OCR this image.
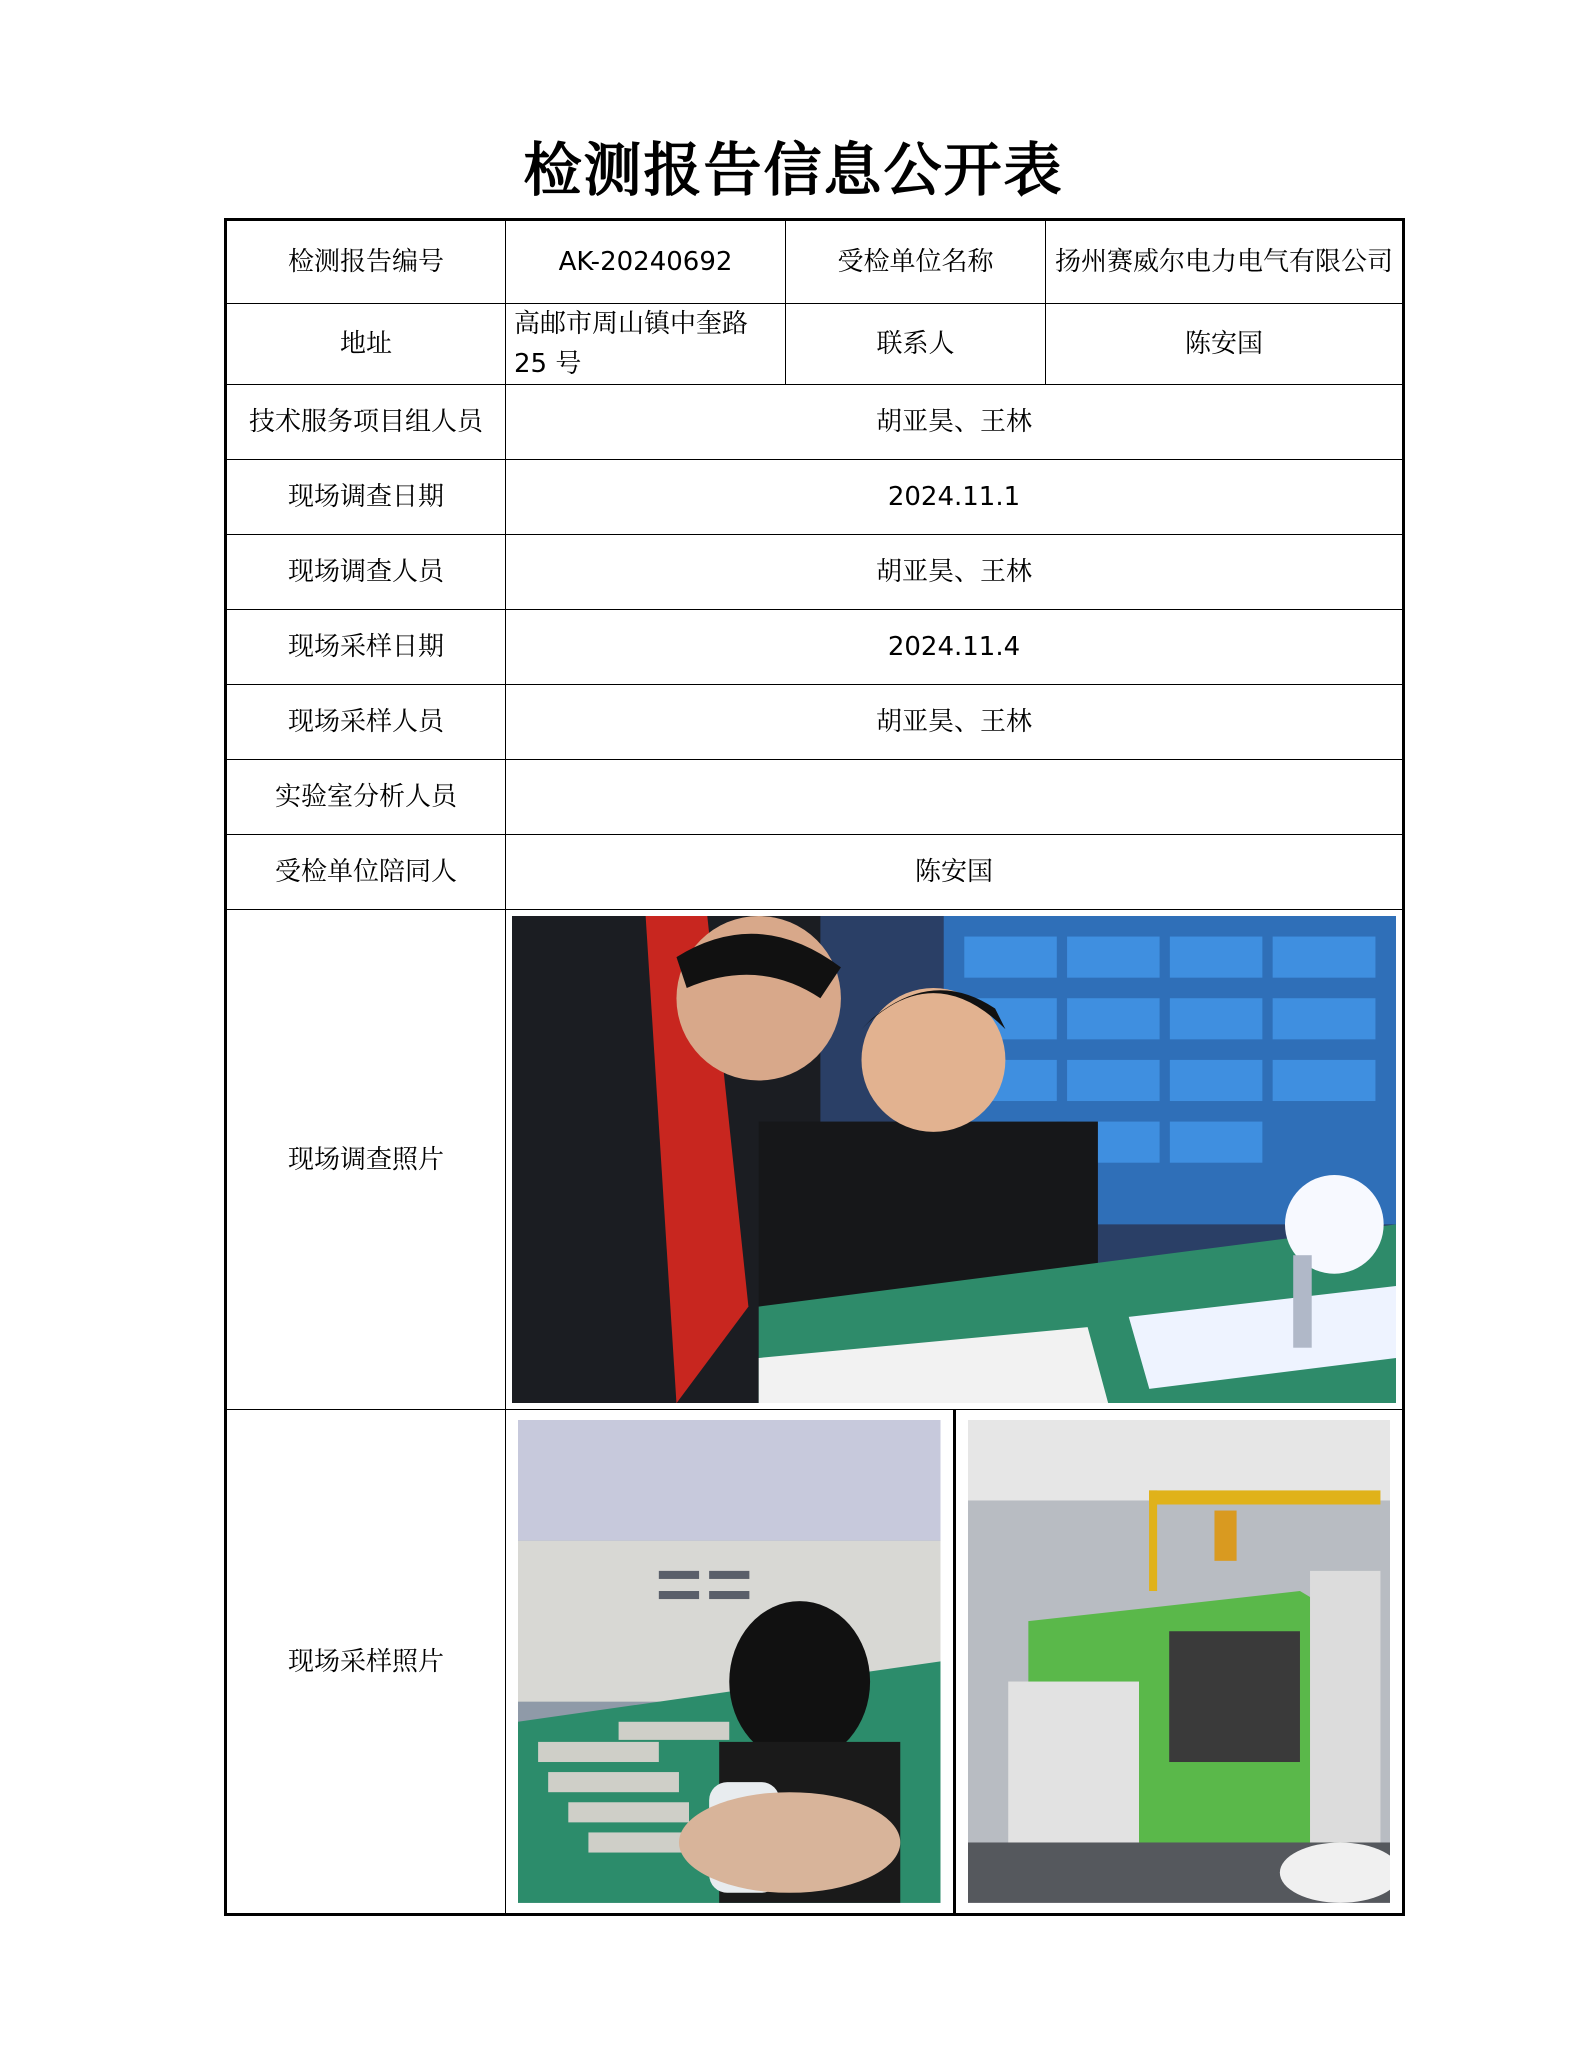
检测报告信息公开表
检测报告编号	AK-20240692	受检单位名称	扬州赛威尔电力电气有限公司
地址	高邮市周山镇中奎路 25 号	联系人	陈安国
技术服务项目组人员	胡亚昊、王林		
现场调查日期	2024.11.1		
现场调查人员	胡亚昊、王林		
现场采样日期	2024.11.4		
现场采样人员	胡亚昊、王林		
实验室分析人员			
受检单位陪同人	陈安国		
现场调查照片	

现场采样照片	
